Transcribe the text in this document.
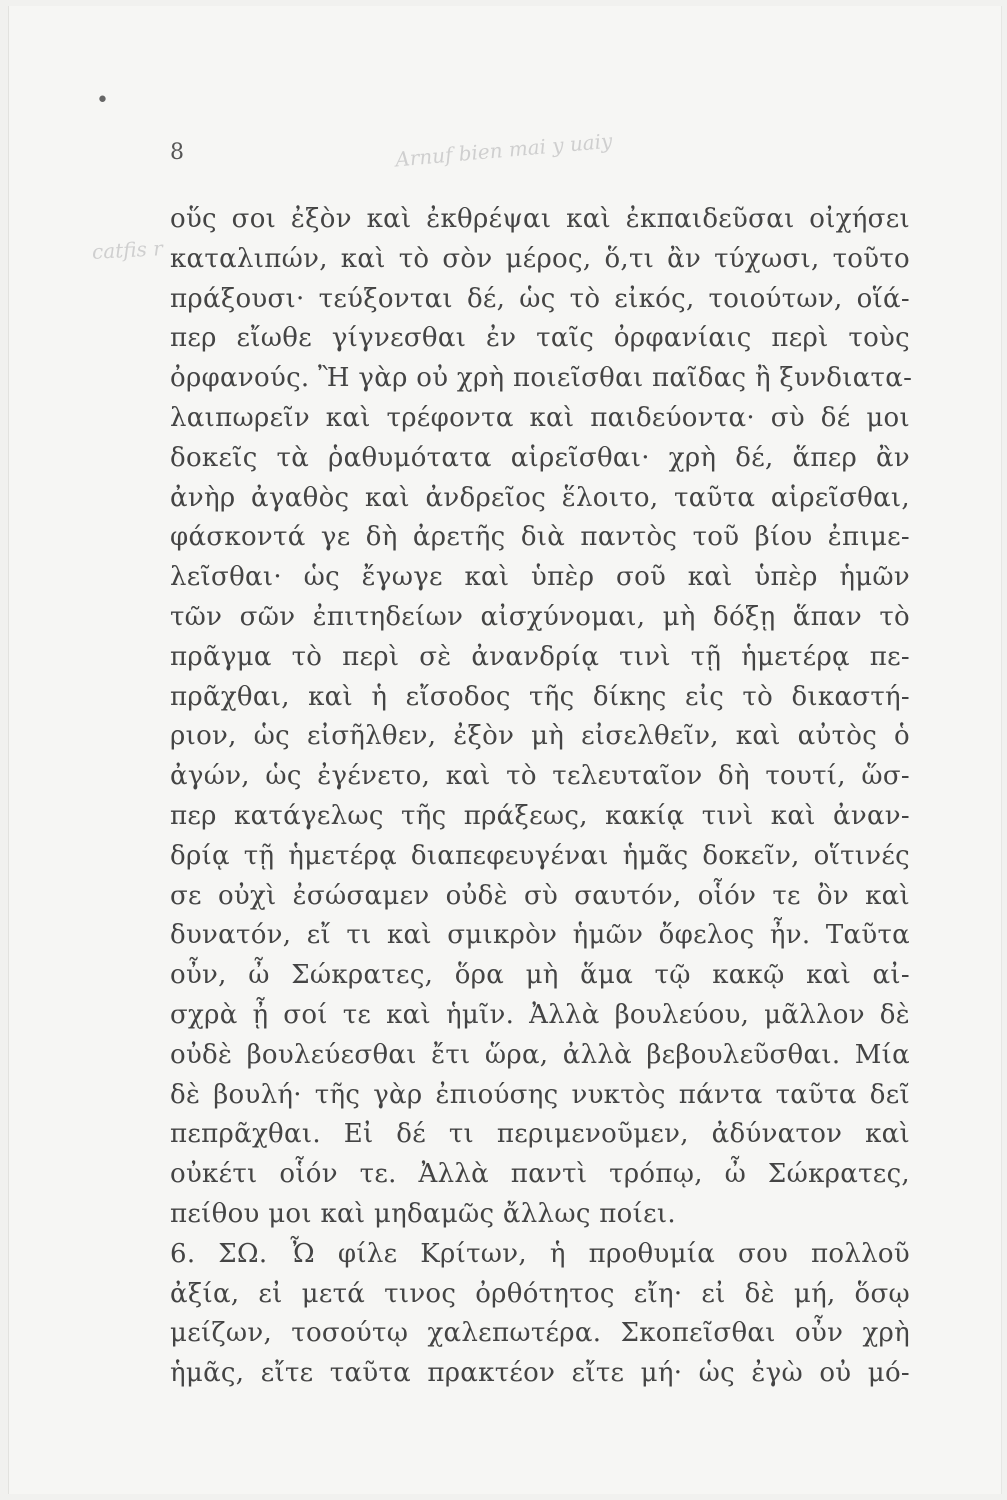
•
8	Arnuf bien mai y uaiy
catfis r
οὕς σοι ἐξὸν καὶ ἐκθρέψαι καὶ ἐκπαιδεῦσαι οἰχήσει
καταλιπών, καὶ τὸ σὸν μέρος, ὅ,τι ἂν τύχωσι, τοῦτο
πράξουσι· τεύξονται δέ, ὡς τὸ εἰκός, τοιούτων, οἵά-
περ εἴωθε γίγνεσθαι ἐν ταῖς ὀρφανίαις περὶ τοὺς
ὀρφανούς. Ἢ γὰρ οὐ χρὴ ποιεῖσθαι παῖδας ἢ ξυνδιατα-
λαιπωρεῖν καὶ τρέφοντα καὶ παιδεύοντα· σὺ δέ μοι
δοκεῖς τὰ ῥαθυμότατα αἱρεῖσθαι· χρὴ δέ, ἅπερ ἂν
ἀνὴρ ἀγαθὸς καὶ ἀνδρεῖος ἕλοιτο, ταῦτα αἱρεῖσθαι,
φάσκοντά γε δὴ ἀρετῆς διὰ παντὸς τοῦ βίου ἐπιμε-
λεῖσθαι· ὡς ἔγωγε καὶ ὑπὲρ σοῦ καὶ ὑπὲρ ἡμῶν
τῶν σῶν ἐπιτηδείων αἰσχύνομαι, μὴ δόξῃ ἅπαν τὸ
πρᾶγμα τὸ περὶ σὲ ἀνανδρίᾳ τινὶ τῇ ἡμετέρᾳ πε-
πρᾶχθαι, καὶ ἡ εἴσοδος τῆς δίκης εἰς τὸ δικαστή-
ριον, ὡς εἰσῆλθεν, ἐξὸν μὴ εἰσελθεῖν, καὶ αὐτὸς ὁ
ἀγών, ὡς ἐγένετο, καὶ τὸ τελευταῖον δὴ τουτί, ὥσ-
περ κατάγελως τῆς πράξεως, κακίᾳ τινὶ καὶ ἀναν-
δρίᾳ τῇ ἡμετέρᾳ διαπεφευγέναι ἡμᾶς δοκεῖν, οἵτινές
σε οὐχὶ ἐσώσαμεν οὐδὲ σὺ σαυτόν, οἷόν τε ὂν καὶ
δυνατόν, εἴ τι καὶ σμικρὸν ἡμῶν ὄφελος ἦν. Ταῦτα
οὖν, ὦ Σώκρατες, ὅρα μὴ ἅμα τῷ κακῷ καὶ αἰ-
σχρὰ ᾖ σοί τε καὶ ἡμῖν. Ἀλλὰ βουλεύου, μᾶλλον δὲ
οὐδὲ βουλεύεσθαι ἔτι ὥρα, ἀλλὰ βεβουλεῦσθαι. Μία
δὲ βουλή· τῆς γὰρ ἐπιούσης νυκτὸς πάντα ταῦτα δεῖ
πεπρᾶχθαι. Εἰ δέ τι περιμενοῦμεν, ἀδύνατον καὶ
οὐκέτι οἷόν τε. Ἀλλὰ παντὶ τρόπῳ, ὦ Σώκρατες,
πείθου μοι καὶ μηδαμῶς ἄλλως ποίει.
6. ΣΩ. Ὦ φίλε Κρίτων, ἡ προθυμία σου πολλοῦ
ἀξία, εἰ μετά τινος ὀρθότητος εἴη· εἰ δὲ μή, ὅσῳ
μείζων, τοσούτῳ χαλεπωτέρα. Σκοπεῖσθαι οὖν χρὴ
ἡμᾶς, εἴτε ταῦτα πρακτέον εἴτε μή· ὡς ἐγὼ οὐ μό-
